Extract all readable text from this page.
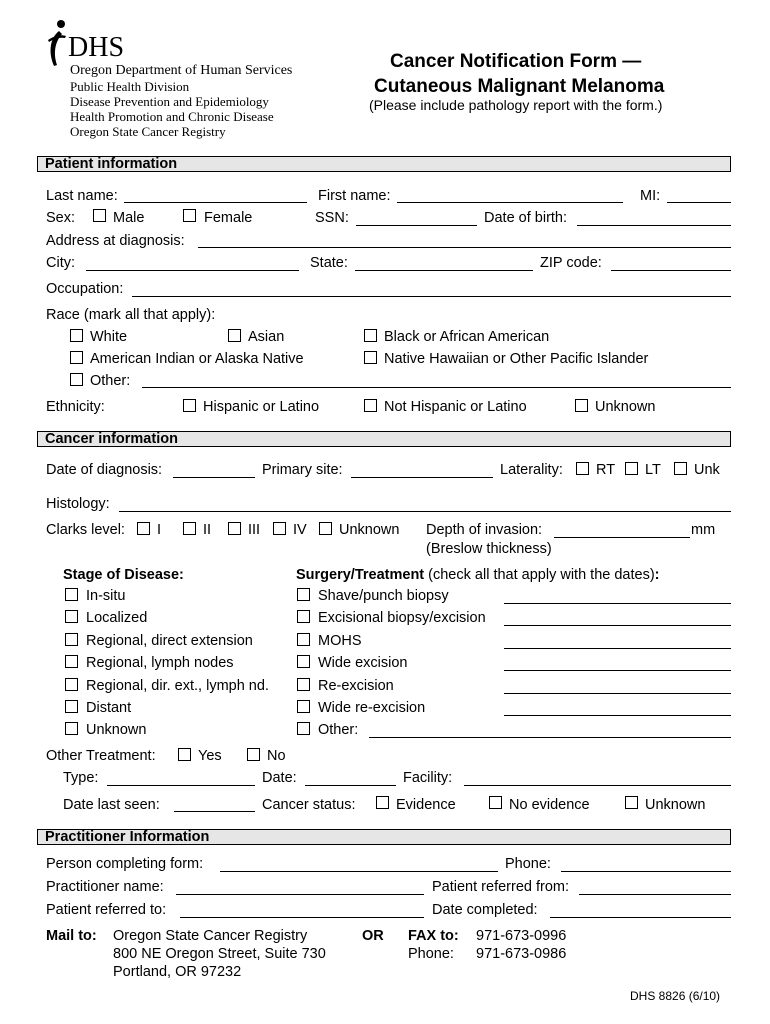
DHS
Oregon Department of Human Services
Public Health Division
Disease Prevention and Epidemiology
Health Promotion and Chronic Disease
Oregon State Cancer Registry
Cancer Notification Form —
Cutaneous Malignant Melanoma
(Please include pathology report with the form.)
Patient information
Last name:	First name:	MI:
Sex:	Male	Female	SSN:	Date of birth:
Address at diagnosis:
City:	State:	ZIP code:
Occupation:
Race (mark all that apply):
White	Asian	Black or African American
American Indian or Alaska Native	Native Hawaiian or Other Pacific Islander
Other:
Ethnicity:	Hispanic or Latino	Not Hispanic or Latino	Unknown
Cancer information
Date of diagnosis:	Primary site:	Laterality: RT LT Unk
Histology:
Clarks level: I	II	III IV Unknown Depth of invasion:	mm
(Breslow thickness)
Stage of Disease:
In-situ
Localized
Regional, direct extension
Regional, lymph nodes
Regional, dir. ext., lymph nd.
Distant
Unknown
Surgery/Treatment (check all that apply with the dates):
Shave/punch biopsy
Excisional biopsy/excision
MOHS
Wide excision
Re-excision
Wide re-excision
Other:
Other Treatment:	Yes	No
Type:	Date:	Facility:
Date last seen:	Cancer status:	Evidence	No evidence	Unknown
Practitioner Information
Person completing form:	Phone:
Practitioner name:	Patient referred from:
Patient referred to:	Date completed:
Mail to: Oregon State Cancer Registry
800 NE Oregon Street, Suite 730
Portland, OR 97232
OR FAX to: 971-673-0996
Phone: 971-673-0986
DHS 8826 (6/10)
